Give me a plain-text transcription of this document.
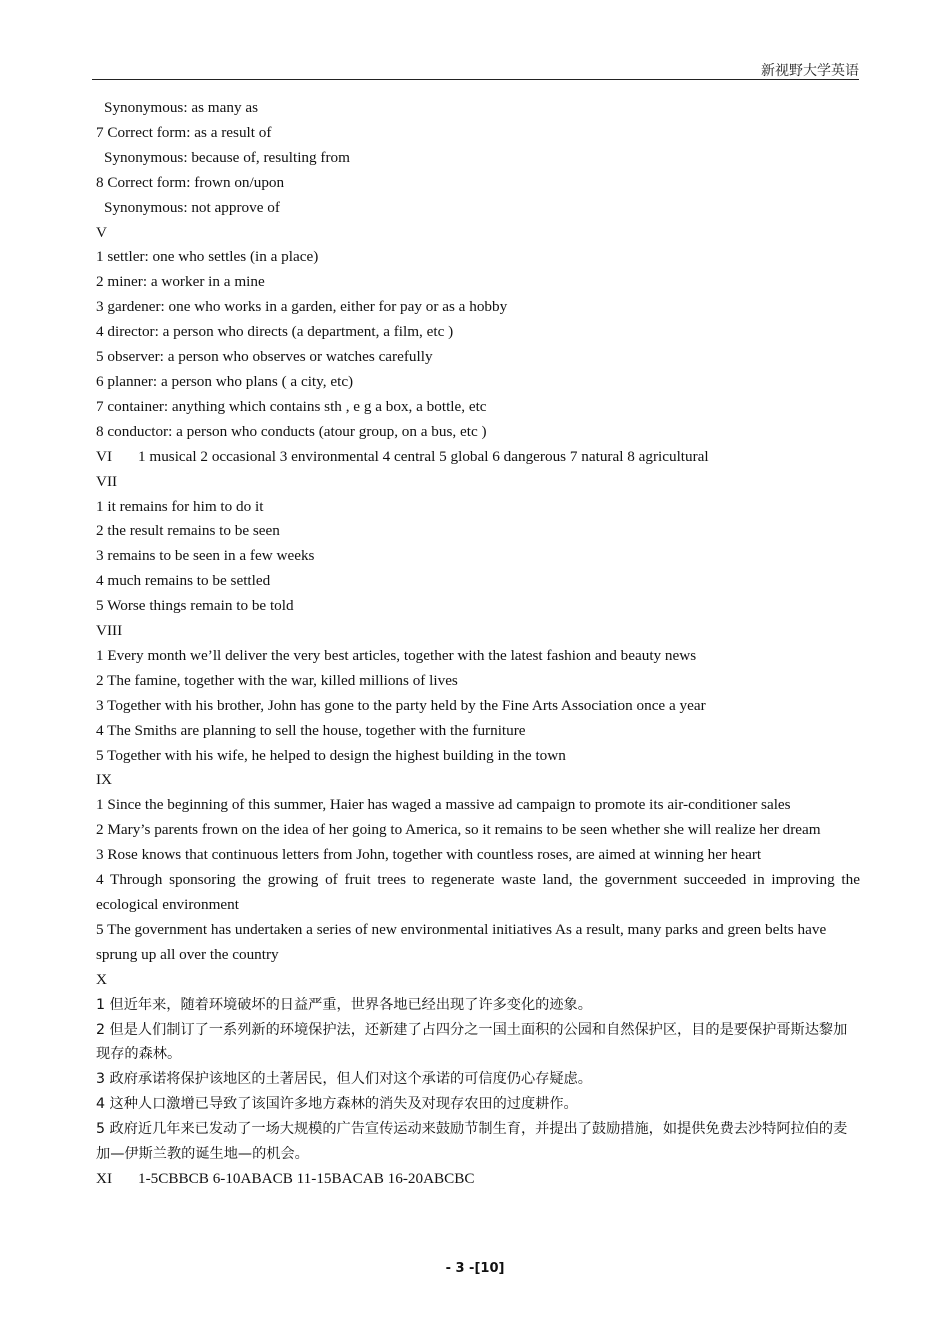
新视野大学英语
Synonymous: as many as
7 Correct form: as a result of
Synonymous: because of, resulting from
8 Correct form: frown on/upon
Synonymous: not approve of
V
1 settler: one who settles (in a place)
2 miner: a worker in a mine
3 gardener: one who works in a garden, either for pay or as a hobby
4 director: a person who directs (a department, a film, etc )
5 observer: a person who observes or watches carefully
6 planner: a person who plans ( a city, etc)
7 container: anything which contains sth , e g a box, a bottle, etc
8 conductor: a person who conducts (atour group, on a bus, etc )
VI 1 musical 2 occasional 3 environmental 4 central 5 global 6 dangerous 7 natural 8 agricultural
VII
1 it remains for him to do it
2 the result remains to be seen
3 remains to be seen in a few weeks
4 much remains to be settled
5 Worse things remain to be told
VIII
1 Every month we’ll deliver the very best articles, together with the latest fashion and beauty news
2 The famine, together with the war, killed millions of lives
3 Together with his brother, John has gone to the party held by the Fine Arts Association once a year
4 The Smiths are planning to sell the house, together with the furniture
5 Together with his wife, he helped to design the highest building in the town
IX
1 Since the beginning of this summer, Haier has waged a massive ad campaign to promote its air-conditioner sales
2 Mary’s parents frown on the idea of her going to America, so it remains to be seen whether she will realize her dream
3 Rose knows that continuous letters from John, together with countless roses, are aimed at winning her heart
4 Through sponsoring the growing of fruit trees to regenerate waste land, the government succeeded in improving the ecological environment
5 The government has undertaken a series of new environmental initiatives As a result, many parks and green belts have sprung up all over the country
X
1 但近年来，随着环境破坏的日益严重，世界各地已经出现了许多变化的迹象。
2 但是人们制订了一系列新的环境保护法，还新建了占四分之一国土面积的公园和自然保护区，目的是要保护哥斯达黎加现存的森林。
3 政府承诺将保护该地区的土著居民，但人们对这个承诺的可信度仍心存疑虑。
4 这种人口激增已导致了该国许多地方森林的消失及对现存农田的过度耕作。
5 政府近几年来已发动了一场大规模的广告宣传运动来鼓励节制生育，并提出了鼓励措施，如提供免费去沙特阿拉伯的麦加—伊斯兰教的诞生地—的机会。
XI 1-5CBBCB 6-10ABACB 11-15BACAB 16-20ABCBC
- 3 -[10]
